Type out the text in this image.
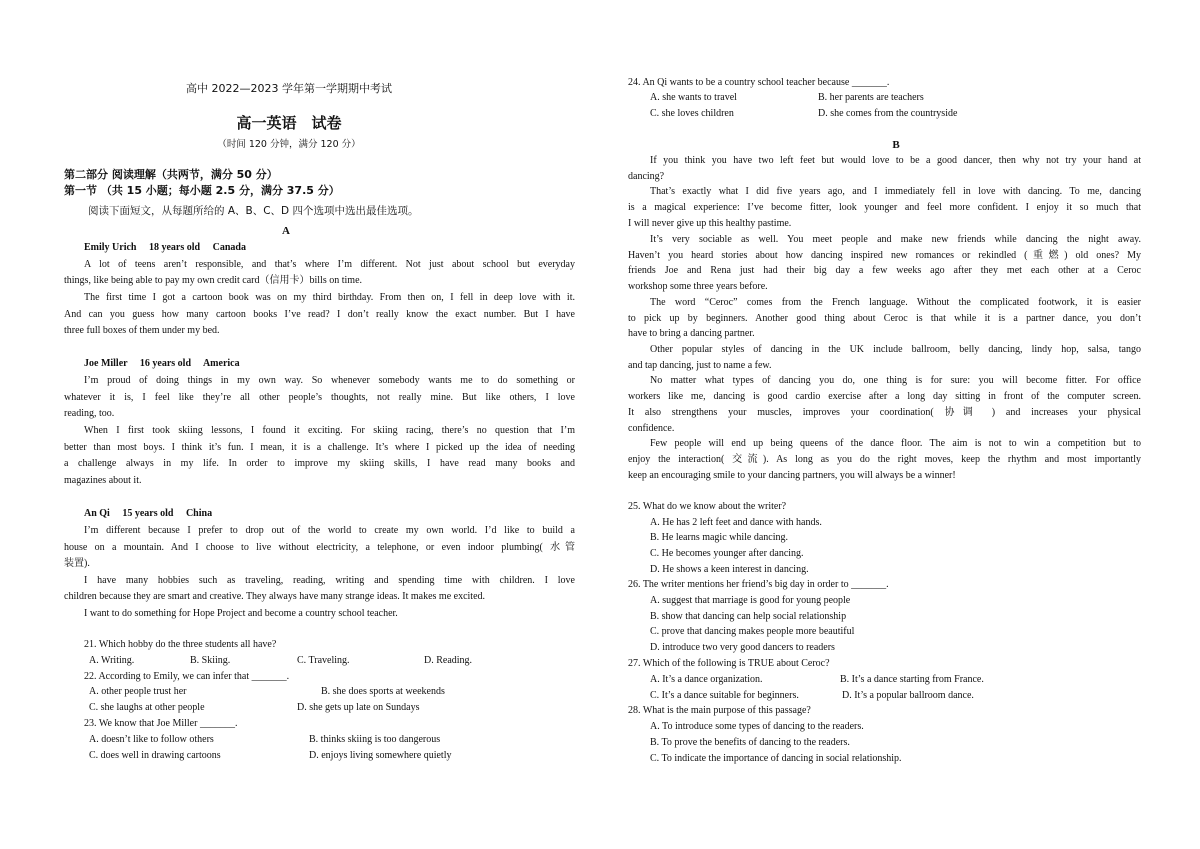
高中 2022—2023 学年第一学期期中考试
高一英语　试卷
（时间 120 分钟，满分 120 分）
第二部分 阅读理解（共两节，满分 50 分）
第一节 （共 15 小题；每小题 2.5 分，满分 37.5 分）
阅读下面短文，从每题所给的 A、B、C、D 四个选项中选出最佳选项。
A
Emily Urich　 18 years old　 Canada
A lot of teens aren’t responsible, and that’s where I’m different. Not just about school but everyday
things, like being able to pay my own credit card（信用卡）bills on time.
The first time I got a cartoon book was on my third birthday. From then on, I fell in deep love with it.
And can you guess how many cartoon books I’ve read? I don’t really know the exact number. But I have
three full boxes of them under my bed.
Joe Miller　 16 years old　 America
I’m proud of doing things in my own way. So whenever somebody wants me to do something or
whatever it is, I feel like they’re all other people’s thoughts, not really mine. But like others, I love
reading, too.
When I first took skiing lessons, I found it exciting. For skiing racing, there’s no question that I’m
better than most boys. I think it’s fun. I mean, it is a challenge. It’s where I picked up the idea of needing
a challenge always in my life. In order to improve my skiing skills, I have read many books and
magazines about it.
An Qi　 15 years old　 China
I’m different because I prefer to drop out of the world to create my own world. I’d like to build a
house on a mountain. And I choose to live without electricity, a telephone, or even indoor plumbing( 水管
装置).
I have many hobbies such as traveling, reading, writing and spending time with children. I love
children because they are smart and creative. They always have many strange ideas. It makes me excited.
I want to do something for Hope Project and become a country school teacher.
21. Which hobby do the three students all have?
A. Writing.	B. Skiing.	C. Traveling.	D. Reading.
22. According to Emily, we can infer that _______.
A. other people trust her	B. she does sports at weekends
C. she laughs at other people	D. she gets up late on Sundays
23. We know that Joe Miller _______.
A. doesn’t like to follow others	B. thinks skiing is too dangerous
C. does well in drawing cartoons	D. enjoys living somewhere quietly
24. An Qi wants to be a country school teacher because _______.
A. she wants to travel	B. her parents are teachers
C. she loves children	D. she comes from the countryside
B
If you think you have two left feet but would love to be a good dancer, then why not try your hand at
dancing?
That’s exactly what I did five years ago, and I immediately fell in love with dancing. To me, dancing
is a magical experience: I’ve become fitter, look younger and feel more confident. I enjoy it so much that
I will never give up this healthy pastime.
It’s very sociable as well. You meet people and make new friends while dancing the night away.
Haven’t you heard stories about how dancing inspired new romances or rekindled (重燃) old ones? My
friends Joe and Rena just had their big day a few weeks ago after they met each other at a Ceroc
workshop some three years before.
The word “Ceroc” comes from the French language. Without the complicated footwork, it is easier
to pick up by beginners. Another good thing about Ceroc is that while it is a partner dance, you don’t
have to bring a dancing partner.
Other popular styles of dancing in the UK include ballroom, belly dancing, lindy hop, salsa, tango
and tap dancing, just to name a few.
No matter what types of dancing you do, one thing is for sure: you will become fitter. For office
workers like me, dancing is good cardio exercise after a long day sitting in front of the computer screen.
It also strengthens your muscles, improves your coordination( 协调 ) and increases your physical
confidence.
Few people will end up being queens of the dance floor. The aim is not to win a competition but to
enjoy the interaction( 交流). As long as you do the right moves, keep the rhythm and most importantly
keep an encouraging smile to your dancing partners, you will always be a winner!
25. What do we know about the writer?
A. He has 2 left feet and dance with hands.
B. He learns magic while dancing.
C. He becomes younger after dancing.
D. He shows a keen interest in dancing.
26. The writer mentions her friend’s big day in order to _______.
A. suggest that marriage is good for young people
B. show that dancing can help social relationship
C. prove that dancing makes people more beautiful
D. introduce two very good dancers to readers
27. Which of the following is TRUE about Ceroc?
A. It’s a dance organization.	B. It’s a dance starting from France.
C. It’s a dance suitable for beginners.	D. It’s a popular ballroom dance.
28. What is the main purpose of this passage?
A. To introduce some types of dancing to the readers.
B. To prove the benefits of dancing to the readers.
C. To indicate the importance of dancing in social relationship.
